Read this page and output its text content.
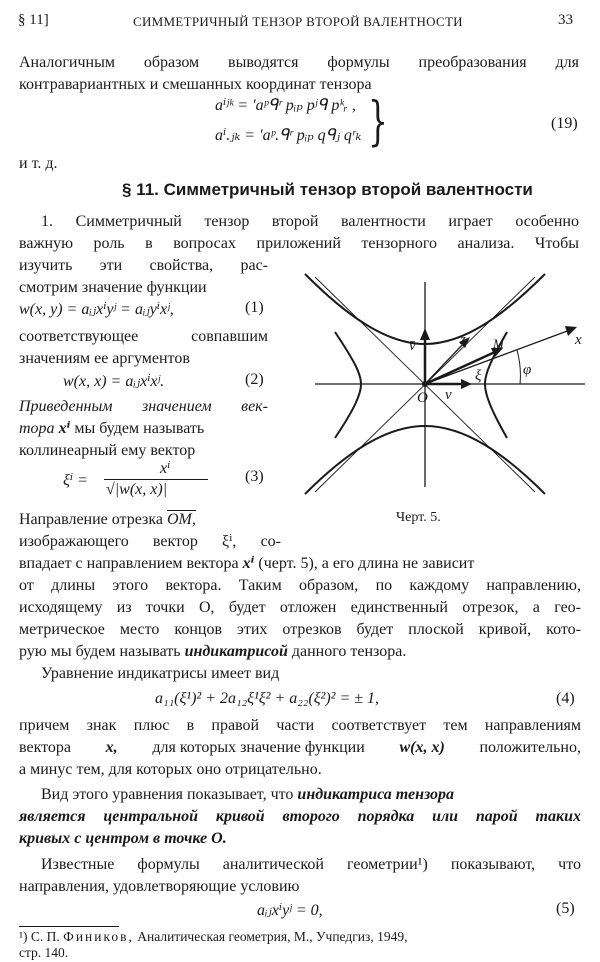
§ 11]	СИММЕТРИЧНЫЙ ТЕНЗОР ВТОРОЙ ВАЛЕНТНОСТИ	33
Аналогичным образом выводятся формулы преобразования для
контравариантных и смешанных координат тензора
aⁱʲᵏ = ′aᵖᑫʳ pᵢₚ pʲᑫ pᵏᵣ ,
aⁱ.ⱼₖ = ′aᵖ.ᑫʳ pᵢₚ qᑫⱼ qʳₖ }	(19)
и т. д.
§ 11. Симметричный тензор второй валентности
1. Симметричный тензор второй валентности играет особенно
важную роль в вопросах приложений тензорного анализа. Чтобы
изучить эти свойства, рас-
смотрим значение функции
w(x, y) = aᵢⱼxⁱyʲ = aᵢⱼyⁱxʲ,	(1)
соответствующее совпавшим
значениям ее аргументов
w(x, x) = aᵢⱼxⁱxʲ.	(2)
Приведенным значением век-
тора xⁱ мы будем называть
коллинеарный ему вектор
ξⁱ =
xⁱ
√|w(x, x)|
(3)
Направление отрезка OM,
изображающего вектор ξⁱ, со-
впадает с направлением вектора xⁱ (черт. 5), а его длина не зависит
от длины этого вектора. Таким образом, по каждому направлению,
исходящему из точки O, будет отложен единственный отрезок, а гео-
метрическое место концов этих отрезков будет плоской кривой, кото-
рую мы будем называть индикатрисой данного тензора.
Уравнение индикатрисы имеет вид
a₁₁(ξ¹)² + 2a₁₂ξ¹ξ² + a₂₂(ξ²)² = ± 1,	(4)
причем знак плюс в правой части соответствует тем направлениям
вектора x, для которых значение функции w(x, x) положительно,
а минус тем, для которых оно отрицательно.
Вид этого уравнения показывает, что индикатриса тензора
является центральной кривой второго порядка или парой таких
кривых с центром в точке O.
Известные формулы аналитической геометрии¹) показывают, что
направления, удовлетворяющие условию
aᵢⱼxⁱyʲ = 0,	(5)
¹) С. П. Фиников, Аналитическая геометрия, М., Учпедгиз, 1949,
стр. 140.
v̄	z M	x
ξ	φ
O v
Черт. 5.
